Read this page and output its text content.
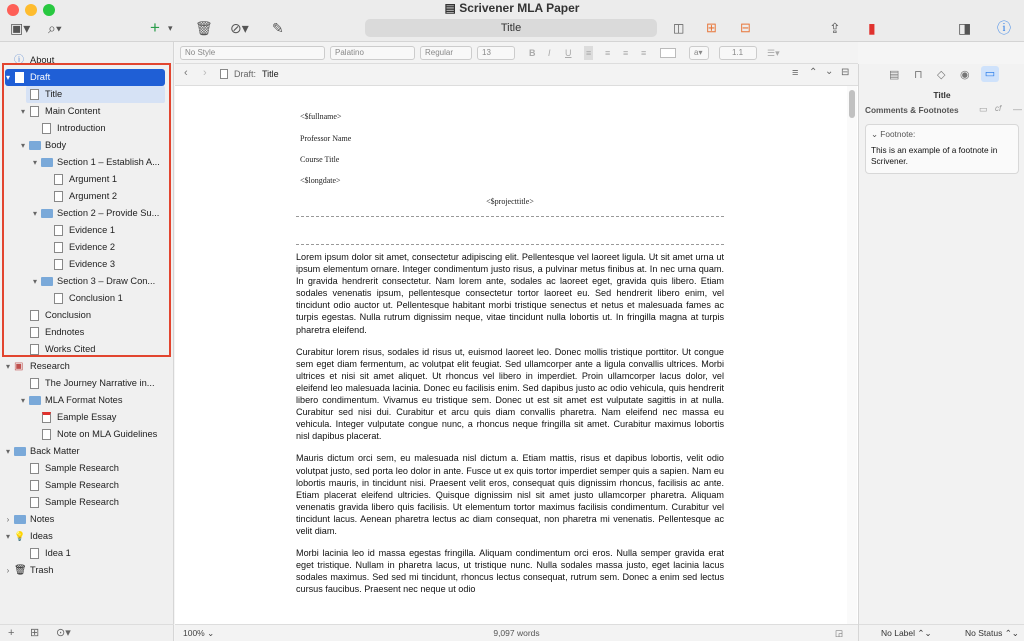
▤ Scrivener MLA Paper
▣▾ ⌕▾	+ ▾ 🗑 ⊘▾ ✎	Title	◫ ⊞ ⊟	⇪ ▮	◨ ⓘ
ⓘ About
▾	Draft
Title
▾	Main Content
Introduction
▾	Body
▾	Section 1 – Establish A...
Argument 1
Argument 2
▾	Section 2 – Provide Su...
Evidence 1
Evidence 2
Evidence 3
▾	Section 3 – Draw Con...
Conclusion 1
Conclusion
Endnotes
Works Cited
▾ ▣ Research
The Journey Narrative in...
▾	MLA Format Notes
Eample Essay
Note on MLA Guidelines
▾	Back Matter
Sample Research
Sample Research
Sample Research
›	Notes
▾ 💡 Ideas
Idea 1
› 🗑 Trash
+ ⊞ ⊙▾
No Style	Palatino	Regular	13	B I U ≡ ≡ ≡ ≡	a▾	1.1	☰▾
‹ ›	Draft: Title	≡ ⌃ ⌄ ⊟
<$fullname>
Professor Name
Course Title
<$longdate>
<$projecttitle>

Lorem ipsum dolor sit amet, consectetur adipiscing elit. Pellentesque vel laoreet ligula. Ut sit amet urna ut ipsum elementum ornare. Integer condimentum justo risus, a pulvinar metus finibus at. In nec urna quam. In gravida hendrerit consectetur. Nam lorem ante, sodales ac laoreet eget, gravida quis libero. Etiam sodales venenatis ipsum, pellentesque consectetur tortor laoreet eu. Sed hendrerit libero enim, vel tincidunt odio auctor ut. Pellentesque habitant morbi tristique senectus et netus et malesuada fames ac turpis egestas. Nulla rutrum dignissim neque, vitae tincidunt nulla lobortis ut. In fringilla magna at turpis pharetra eleifend.

Curabitur lorem risus, sodales id risus ut, euismod laoreet leo. Donec mollis tristique porttitor. Ut congue sem eget diam fermentum, ac volutpat elit feugiat. Sed ullamcorper ante a ligula convallis ultrices. Morbi ultrices et nisi sit amet aliquet. Ut rhoncus vel libero in imperdiet. Proin ullamcorper lacus dolor, vel eleifend leo malesuada lacinia. Donec eu facilisis enim. Sed dapibus justo ac odio vehicula, quis hendrerit libero condimentum. Vivamus eu tristique sem. Donec ut est sit amet est vulputate sagittis in at nulla. Curabitur sed nisi dui. Curabitur et arcu quis diam convallis pharetra. Nam eleifend nec massa eu vehicula. Integer vulputate congue nunc, a rhoncus neque fringilla sit amet. Curabitur maximus lobortis nisl dapibus placerat.

Mauris dictum orci sem, eu malesuada nisl dictum a. Etiam mattis, risus et dapibus lobortis, velit odio volutpat justo, sed porta leo dolor in ante. Fusce ut ex quis tortor imperdiet semper quis a sapien. Nam eu lobortis mauris, in tincidunt nisi. Praesent velit eros, consequat quis dignissim rhoncus, facilisis ac ante. Etiam placerat eleifend ultricies. Quisque dignissim nisl sit amet justo ullamcorper pharetra. Aliquam venenatis gravida libero quis facilisis. Ut elementum tortor maximus facilisis condimentum. Curabitur vel tincidunt lacus. Aenean pharetra lectus ac diam consequat, non pharetra mi venenatis. Pellentesque ac velit diam.

Morbi lacinia leo id massa egestas fringilla. Aliquam condimentum orci eros. Nulla semper gravida erat eget tristique. Nullam in pharetra lacus, ut tristique nunc. Nulla sodales massa justo, eget lacinia lacus sodales maximus. Sed sed mi tincidunt, rhoncus lectus consequat, rutrum sem. Donec a enim sed lectus cursus faucibus. Praesent nec neque ut odio

100% ⌄	9,097 words	◲
▤ ⊓ ◇ ◉	▭
Title
Comments & Footnotes ▭ cf —
⌄ Footnote:
This is an example of a footnote in Scrivener.
No Label ⌃⌄	No Status ⌃⌄
